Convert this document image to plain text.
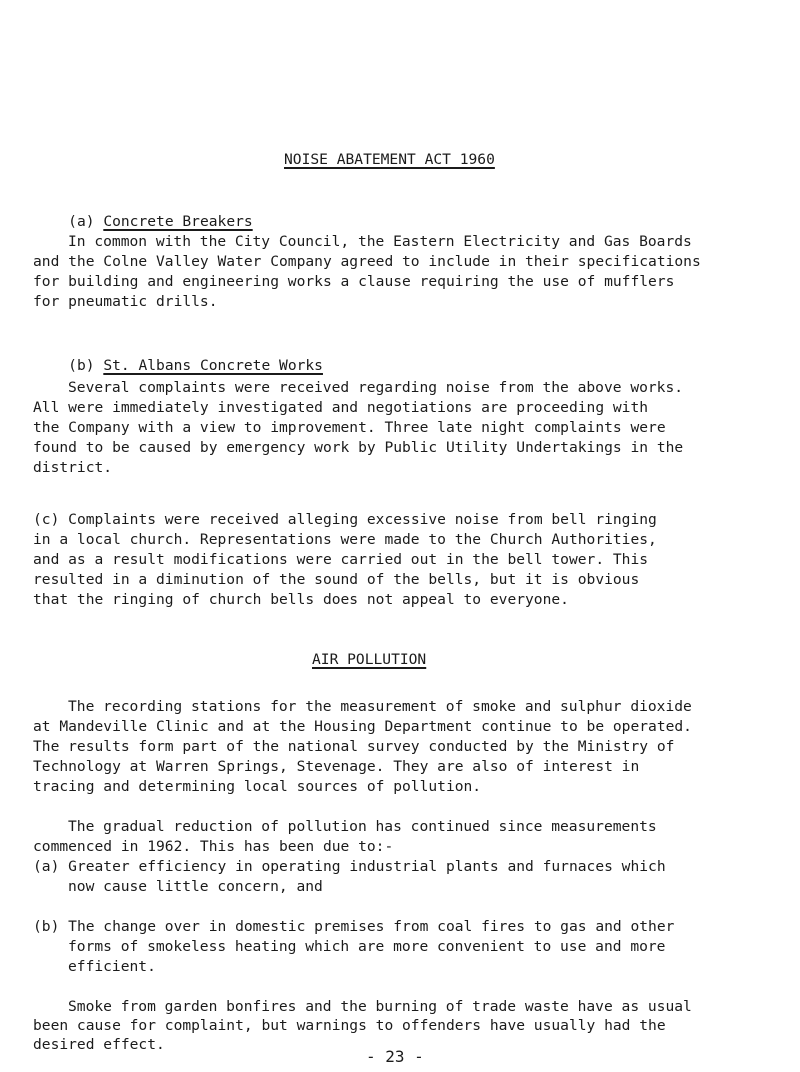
NOISE ABATEMENT ACT 1960

(a) Concrete Breakers

In common with the City Council, the Eastern Electricity and Gas Boards
and the Colne Valley Water Company agreed to include in their specifications
for building and engineering works a clause requiring the use of mufflers
for pneumatic drills.

(b) St. Albans Concrete Works

Several complaints were received regarding noise from the above works.
All were immediately investigated and negotiations are proceeding with
the Company with a view to improvement. Three late night complaints were
found to be caused by emergency work by Public Utility Undertakings in the
district.
(c) Complaints were received alleging excessive noise from bell ringing
in a local church. Representations were made to the Church Authorities,
and as a result modifications were carried out in the bell tower. This
resulted in a diminution of the sound of the bells, but it is obvious
that the ringing of church bells does not appeal to everyone.
AIR POLLUTION
The recording stations for the measurement of smoke and sulphur dioxide
at Mandeville Clinic and at the Housing Department continue to be operated.
The results form part of the national survey conducted by the Ministry of
Technology at Warren Springs, Stevenage. They are also of interest in
tracing and determining local sources of pollution.
The gradual reduction of pollution has continued since measurements
commenced in 1962. This has been due to:-
(a) Greater efficiency in operating industrial plants and furnaces which
now cause little concern, and
(b) The change over in domestic premises from coal fires to gas and other
forms of smokeless heating which are more convenient to use and more
efficient.
Smoke from garden bonfires and the burning of trade waste have as usual
been cause for complaint, but warnings to offenders have usually had the
desired effect.
- 23 -
